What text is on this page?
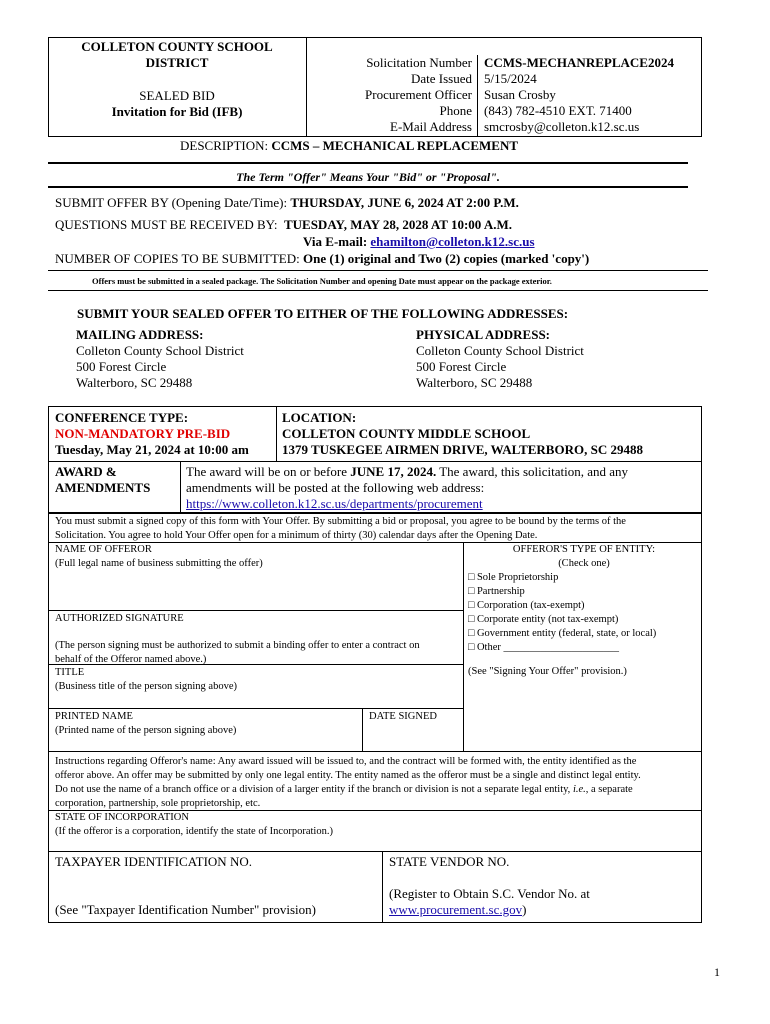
COLLETON COUNTY SCHOOL
DISTRICT
SEALED BID
Invitation for Bid (IFB)
Solicitation Number
Date Issued
Procurement Officer
Phone
E-Mail Address
CCMS-MECHANREPLACE2024
5/15/2024
Susan Crosby
(843) 782-4510 EXT. 71400
smcrosby@colleton.k12.sc.us
DESCRIPTION: CCMS – MECHANICAL REPLACEMENT
The Term "Offer" Means Your "Bid" or "Proposal".
SUBMIT OFFER BY (Opening Date/Time): THURSDAY, JUNE 6, 2024 AT 2:00 P.M.
QUESTIONS MUST BE RECEIVED BY: TUESDAY, MAY 28, 2028 AT 10:00 A.M.
Via E-mail: ehamilton@colleton.k12.sc.us
NUMBER OF COPIES TO BE SUBMITTED: One (1) original and Two (2) copies (marked 'copy')
Offers must be submitted in a sealed package. The Solicitation Number and opening Date must appear on the package exterior.
SUBMIT YOUR SEALED OFFER TO EITHER OF THE FOLLOWING ADDRESSES:
MAILING ADDRESS:
Colleton County School District
500 Forest Circle
Walterboro, SC 29488
PHYSICAL ADDRESS:
Colleton County School District
500 Forest Circle
Walterboro, SC 29488
CONFERENCE TYPE:
NON-MANDATORY PRE-BID
Tuesday, May 21, 2024 at 10:00 am
LOCATION:
COLLETON COUNTY MIDDLE SCHOOL
1379 TUSKEGEE AIRMEN DRIVE, WALTERBORO, SC 29488
AWARD &
AMENDMENTS
The award will be on or before JUNE 17, 2024. The award, this solicitation, and any
amendments will be posted at the following web address:
https://www.colleton.k12.sc.us/departments/procurement
You must submit a signed copy of this form with Your Offer. By submitting a bid or proposal, you agree to be bound by the terms of the
Solicitation. You agree to hold Your Offer open for a minimum of thirty (30) calendar days after the Opening Date.
NAME OF OFFEROR
(Full legal name of business submitting the offer)
AUTHORIZED SIGNATURE
(The person signing must be authorized to submit a binding offer to enter a contract on
behalf of the Offeror named above.)
TITLE
(Business title of the person signing above)
PRINTED NAME
(Printed name of the person signing above)
DATE SIGNED
OFFEROR'S TYPE OF ENTITY:
(Check one)
□ Sole Proprietorship
□ Partnership
□ Corporation (tax-exempt)
□ Corporate entity (not tax-exempt)
□ Government entity (federal, state, or local)
□ Other ______________________
(See "Signing Your Offer" provision.)
Instructions regarding Offeror's name: Any award issued will be issued to, and the contract will be formed with, the entity identified as the
offeror above. An offer may be submitted by only one legal entity. The entity named as the offeror must be a single and distinct legal entity.
Do not use the name of a branch office or a division of a larger entity if the branch or division is not a separate legal entity, i.e., a separate
corporation, partnership, sole proprietorship, etc.
STATE OF INCORPORATION
(If the offeror is a corporation, identify the state of Incorporation.)
TAXPAYER IDENTIFICATION NO.
(See "Taxpayer Identification Number" provision)
STATE VENDOR NO.
(Register to Obtain S.C. Vendor No. at
www.procurement.sc.gov)
1
